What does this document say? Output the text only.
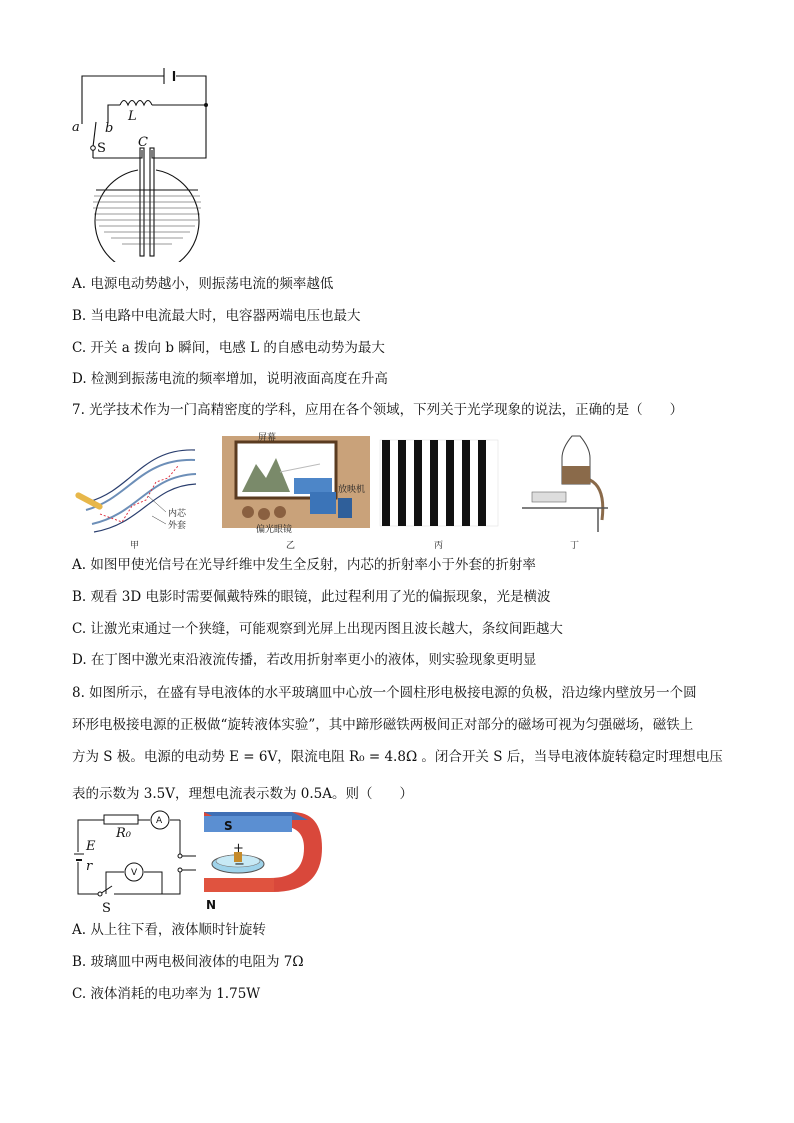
a b
L
S C
A. 电源电动势越小，则振荡电流的频率越低
B. 当电路中电流最大时，电容器两端电压也最大
C. 开关 a 拨向 b 瞬间，电感 L 的自感电动势为最大
D. 检测到振荡电流的频率增加，说明液面高度在升高
7. 光学技术作为一门高精密度的学科，应用在各个领域，下列关于光学现象的说法，正确的是（　　）
内芯
外套
甲
屏幕
放映机
偏光眼镜
乙	丙	丁
A. 如图甲使光信号在光导纤维中发生全反射，内芯的折射率小于外套的折射率
B. 观看 3D 电影时需要佩戴特殊的眼镜，此过程利用了光的偏振现象，光是横波
C. 让激光束通过一个狭缝，可能观察到光屏上出现丙图且波长越大，条纹间距越大
D. 在丁图中激光束沿液流传播，若改用折射率更小的液体，则实验现象更明显
8. 如图所示，在盛有导电液体的水平玻璃皿中心放一个圆柱形电极接电源的负极，沿边缘内壁放另一个圆
环形电极接电源的正极做“旋转液体实验”，其中蹄形磁铁两极间正对部分的磁场可视为匀强磁场，磁铁上
方为 S 极。电源的电动势 E = 6V，限流电阻 R₀ = 4.8Ω 。闭合开关 S 后，当导电液体旋转稳定时理想电压
表的示数为 3.5V，理想电流表示数为 0.5A。则（　　）
S
N
+
−
R₀
A
V
E
r
S
A. 从上往下看，液体顺时针旋转
B. 玻璃皿中两电极间液体的电阻为 7Ω
C. 液体消耗的电功率为 1.75W
